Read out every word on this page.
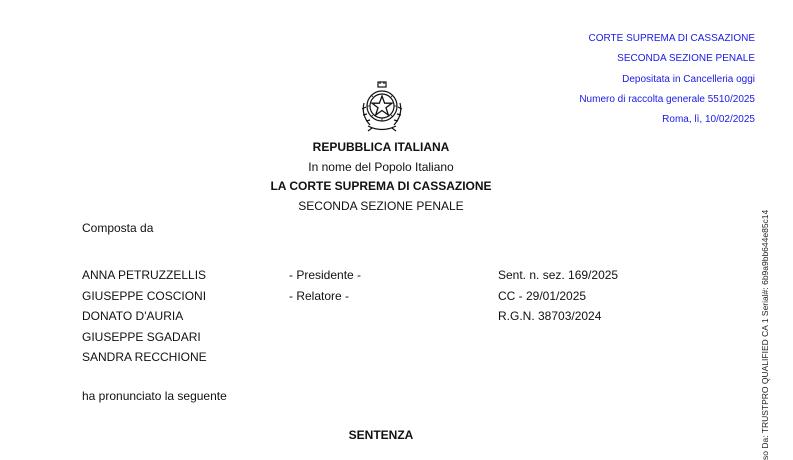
CORTE SUPREMA DI CASSAZIONE
SECONDA SEZIONE PENALE
Depositata in Cancelleria oggi
Numero di raccolta generale 5510/2025
Roma, lì, 10/02/2025
REPUBBLICA ITALIANA
In nome del Popolo Italiano
LA CORTE SUPREMA DI CASSAZIONE
SECONDA SEZIONE PENALE
Composta da
ANNA PETRUZZELLIS
GIUSEPPE COSCIONI
DONATO D'AURIA
GIUSEPPE SGADARI
SANDRA RECCHIONE
- Presidente -
- Relatore -
Sent. n. sez. 169/2025
CC - 29/01/2025
R.G.N. 38703/2024
ha pronunciato la seguente
SENTENZA	so Da: TRUSTPRO QUALIFIED CA 1 Serial#: 6b9a9bb644e85c14
